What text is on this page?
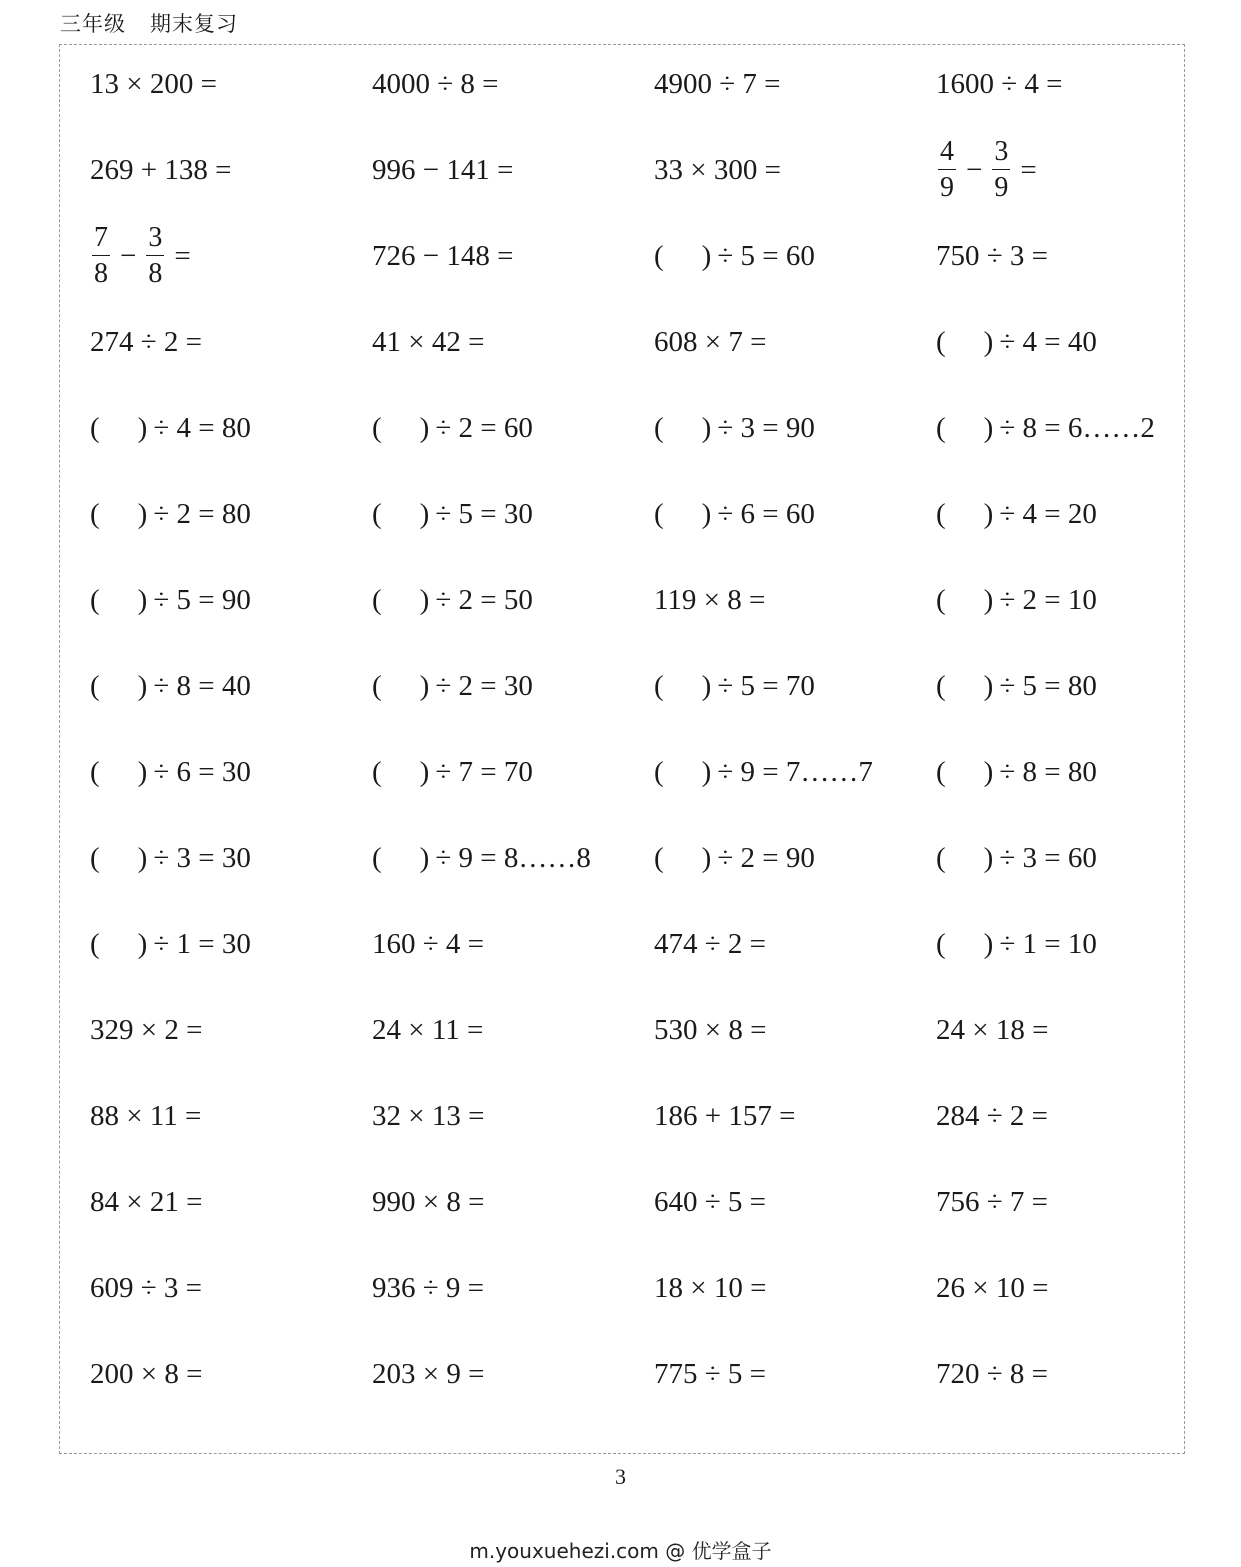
三年级 期末复习
13 × 200 =	4000 ÷ 8 =	4900 ÷ 7 =	1600 ÷ 4 =
269 + 138 =	996 − 141 =	33 × 300 =	$\frac{4}{9} - \frac{3}{9}$ =
$\frac{7}{8} - \frac{3}{8}$ =	726 − 148 =	( ) ÷ 5 = 60	750 ÷ 3 =
274 ÷ 2 =	41 × 42 =	608 × 7 =	( ) ÷ 4 = 40
( ) ÷ 4 = 80	( ) ÷ 2 = 60	( ) ÷ 3 = 90	( ) ÷ 8 = 6……2
( ) ÷ 2 = 80	( ) ÷ 5 = 30	( ) ÷ 6 = 60	( ) ÷ 4 = 20
( ) ÷ 5 = 90	( ) ÷ 2 = 50	119 × 8 =	( ) ÷ 2 = 10
( ) ÷ 8 = 40	( ) ÷ 2 = 30	( ) ÷ 5 = 70	( ) ÷ 5 = 80
( ) ÷ 6 = 30	( ) ÷ 7 = 70	( ) ÷ 9 = 7……7 ( ) ÷ 8 = 80
( ) ÷ 3 = 30	( ) ÷ 9 = 8……8 ( ) ÷ 2 = 90	( ) ÷ 3 = 60
( ) ÷ 1 = 30	160 ÷ 4 =	474 ÷ 2 =	( ) ÷ 1 = 10
329 × 2 =	24 × 11 =	530 × 8 =	24 × 18 =
88 × 11 =	32 × 13 =	186 + 157 =	284 ÷ 2 =
84 × 21 =	990 × 8 =	640 ÷ 5 =	756 ÷ 7 =
609 ÷ 3 =	936 ÷ 9 =	18 × 10 =	26 × 10 =
200 × 8 =	203 × 9 =	775 ÷ 5 =	720 ÷ 8 =
3
m.youxuehezi.com @ 优学盒子
